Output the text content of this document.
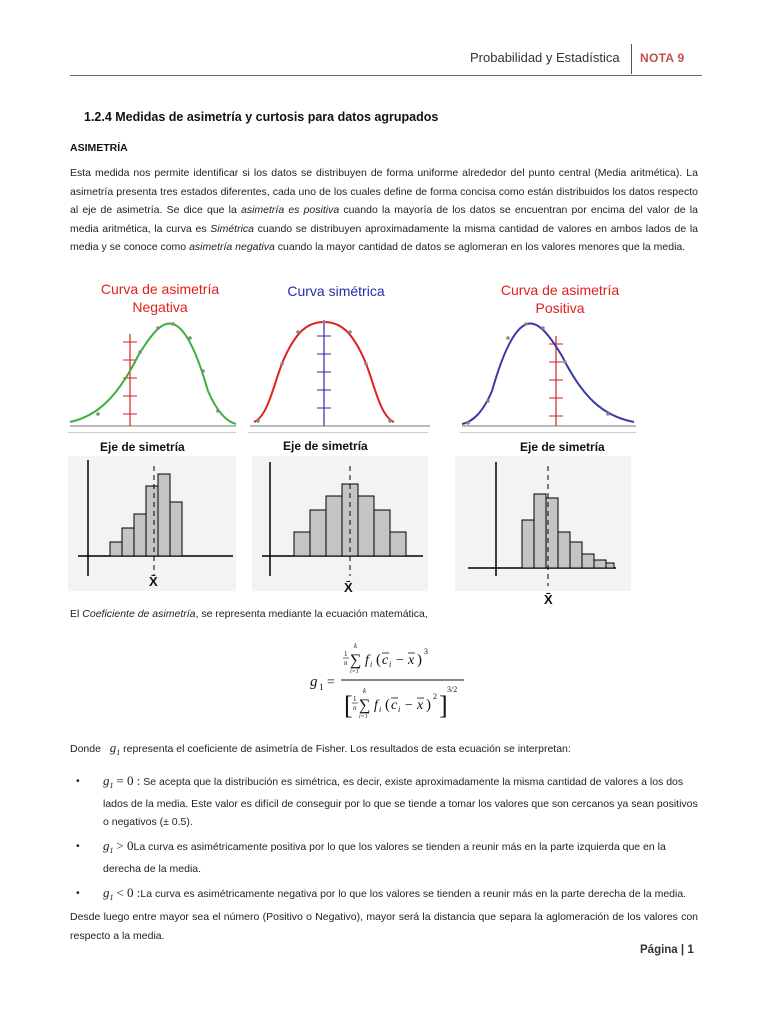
Probabilidad y Estadística NOTA 9
1.2.4 Medidas de asimetría y curtosis para datos agrupados
ASIMETRÍA
Esta medida nos permite identificar si los datos se distribuyen de forma uniforme alrededor del punto central (Media aritmética). La asimetría presenta tres estados diferentes, cada uno de los cuales define de forma concisa como están distribuidos los datos respecto al eje de asimetría. Se dice que la asimetría es positiva cuando la mayoría de los datos se encuentran por encima del valor de la media aritmética, la curva es Simétrica cuando se distribuyen aproximadamente la misma cantidad de valores en ambos lados de la media y se conoce como asimetría negativa cuando la mayor cantidad de datos se aglomeran en los valores menores que la media.
Curva de asimetría
Negativa
Eje de simetría
X̄
Curva simétrica
Eje de simetría
X̄
Curva de asimetría
Positiva
Eje de simetría
X̄
El Coeficiente de asimetría, se representa mediante la ecuación matemática,
g 1 =
k
1
n ∑
i=1
f i ( c i − x )
3
[ k
1
n ∑
i=1
f i ( c i − x )
2 ]
3/2
Donde $g_1$ representa el coeficiente de asimetría de Fisher. Los resultados de esta ecuación se interpretan:
• $g_1 = 0$ : Se acepta que la distribución es simétrica, es decir, existe aproximadamente la misma cantidad de valores a los dos lados de la media. Este valor es difícil de conseguir por lo que se tiende a tomar los valores que son cercanos ya sean positivos o negativos (± 0.5).
• $g_1 > 0La$ curva es asimétricamente positiva por lo que los valores se tienden a reunir más en la parte izquierda que en la derecha de la media.
• $g_1 < 0$ :La curva es asimétricamente negativa por lo que los valores se tienden a reunir más en la parte derecha de la media.
Desde luego entre mayor sea el número (Positivo o Negativo), mayor será la distancia que separa la aglomeración de los valores con respecto a la media.
Página | 1
